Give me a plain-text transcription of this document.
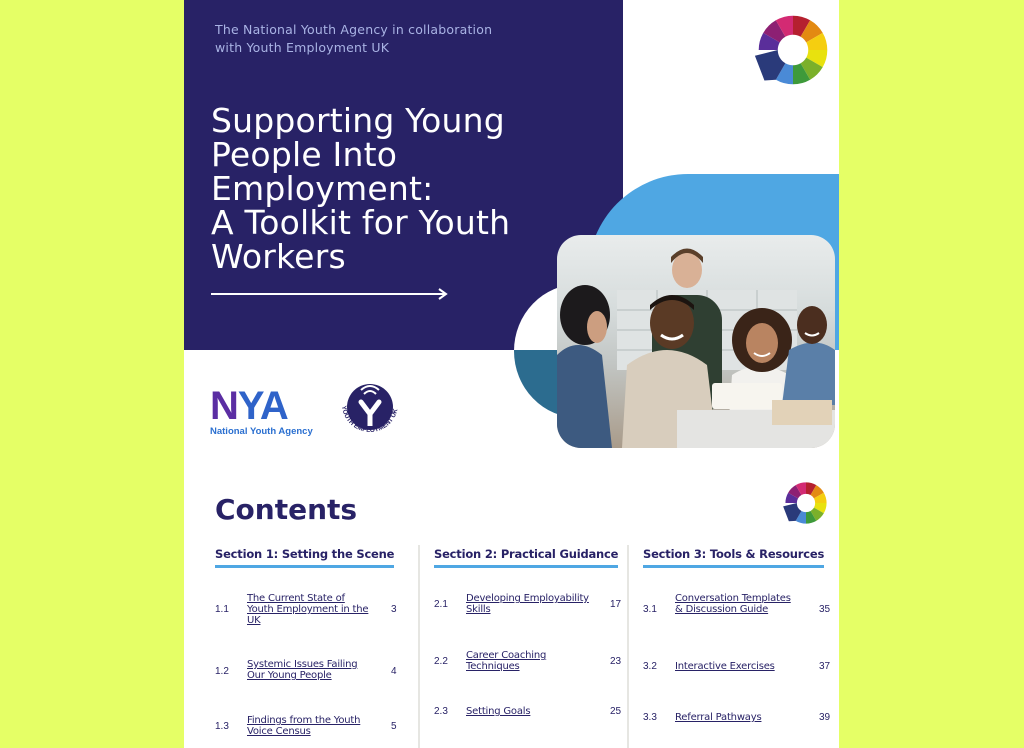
The National Youth Agency in collaboration
with Youth Employment UK
Supporting Young
People Into
Employment:
A Toolkit for Youth
Workers
NYA
National Youth Agency
YOUTH EMPLOYMENT UK
Contents
Section 1: Setting the Scene
1.1
The Current State of Youth Employment in the UK
3
1.2
Systemic Issues Failing Our Young People	4
1.3
Findings from the Youth Voice Census	5
Section 2: Practical Guidance
2.1
Developing Employability Skills	17
2.2
Career Coaching Techniques	23
2.3 Setting Goals	25
Section 3: Tools & Resources
3.1
Conversation Templates & Discussion Guide	35
3.2 Interactive Exercises	37
3.3 Referral Pathways	39
